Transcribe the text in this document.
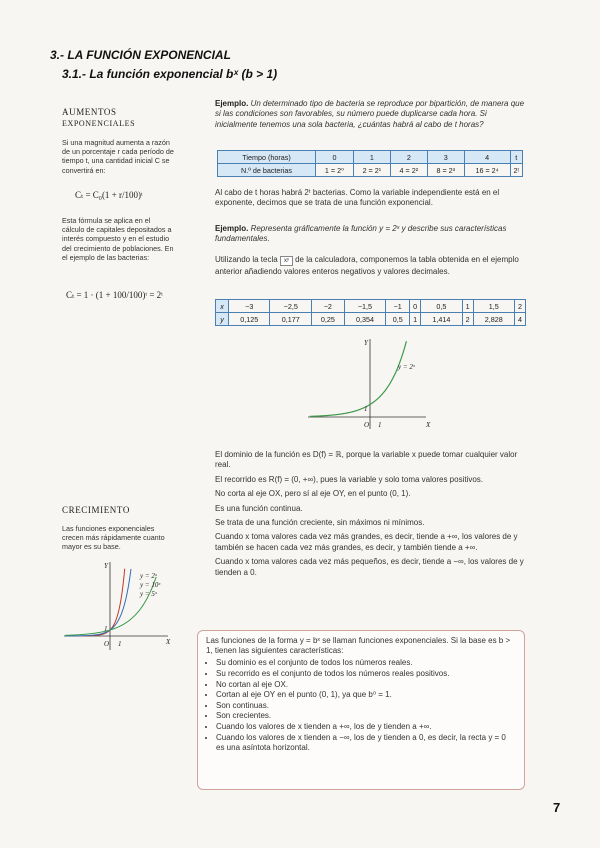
3.- LA FUNCIÓN EXPONENCIAL
3.1.- La función exponencial bˣ (b > 1)
AUMENTOS
EXPONENCIALES
Si una magnitud aumenta a razón de un porcentaje r cada período de tiempo t, una cantidad inicial C se convertirá en:
Cₜ = C₀(1 + r/100)ᵗ
Esta fórmula se aplica en el cálculo de capitales depositados a interés compuesto y en el estudio del crecimiento de poblaciones. En el ejemplo de las bacterias:
Cₜ = 1 · (1 + 100/100)ᵗ = 2ᵗ
Ejemplo. Un determinado tipo de bacteria se reproduce por bipartición, de manera que si las condiciones son favorables, su número puede duplicarse cada hora. Si inicialmente tenemos una sola bacteria, ¿cuántas habrá al cabo de t horas?
Tiempo (horas)	0	1	2	3	4	t
N.º de bacterias	1 = 2⁰	2 = 2¹	4 = 2²	8 = 2³	16 = 2⁴	2ᵗ
Al cabo de t horas habrá 2ᵗ bacterias. Como la variable independiente está en el exponente, decimos que se trata de una función exponencial.
Ejemplo. Representa gráficamente la función y = 2ˣ y describe sus características fundamentales.
Utilizando la tecla xʸ de la calculadora, componemos la tabla obtenida en el ejemplo anterior añadiendo valores enteros negativos y valores decimales.
x	−3	−2,5	−2	−1,5	−1	0	0,5	1	1,5	2
y	0,125	0,177	0,25	0,354	0,5	1	1,414	2	2,828	4
Y
X
y = 2ˣ
O 1
1
El dominio de la función es D(f) = ℝ, porque la variable x puede tomar cualquier valor real.
El recorrido es R(f) = (0, +∞), pues la variable y solo toma valores positivos.
No corta al eje OX, pero sí al eje OY, en el punto (0, 1).
Es una función continua.
Se trata de una función creciente, sin máximos ni mínimos.
Cuando x toma valores cada vez más grandes, es decir, tiende a +∞, los valores de y también se hacen cada vez más grandes, es decir, y también tiende a +∞.
Cuando x toma valores cada vez más pequeños, es decir, tiende a −∞, los valores de y tienden a 0.
CRECIMIENTO
Las funciones exponenciales crecen más rápidamente cuanto mayor es su base.
y = 2ˣ
y = 10ˣ
y = 5ˣ
Y
X
O 1
1
Las funciones de la forma y = bˣ se llaman funciones exponenciales. Si la base es b > 1, tienen las siguientes características:
• Su dominio es el conjunto de todos los números reales.
• Su recorrido es el conjunto de todos los números reales positivos.
• No cortan al eje OX.
• Cortan al eje OY en el punto (0, 1), ya que b⁰ = 1.
• Son continuas.
• Son crecientes.
• Cuando los valores de x tienden a +∞, los de y tienden a +∞.
• Cuando los valores de x tienden a −∞, los de y tienden a 0, es decir, la recta y = 0 es una asíntota horizontal.
7
